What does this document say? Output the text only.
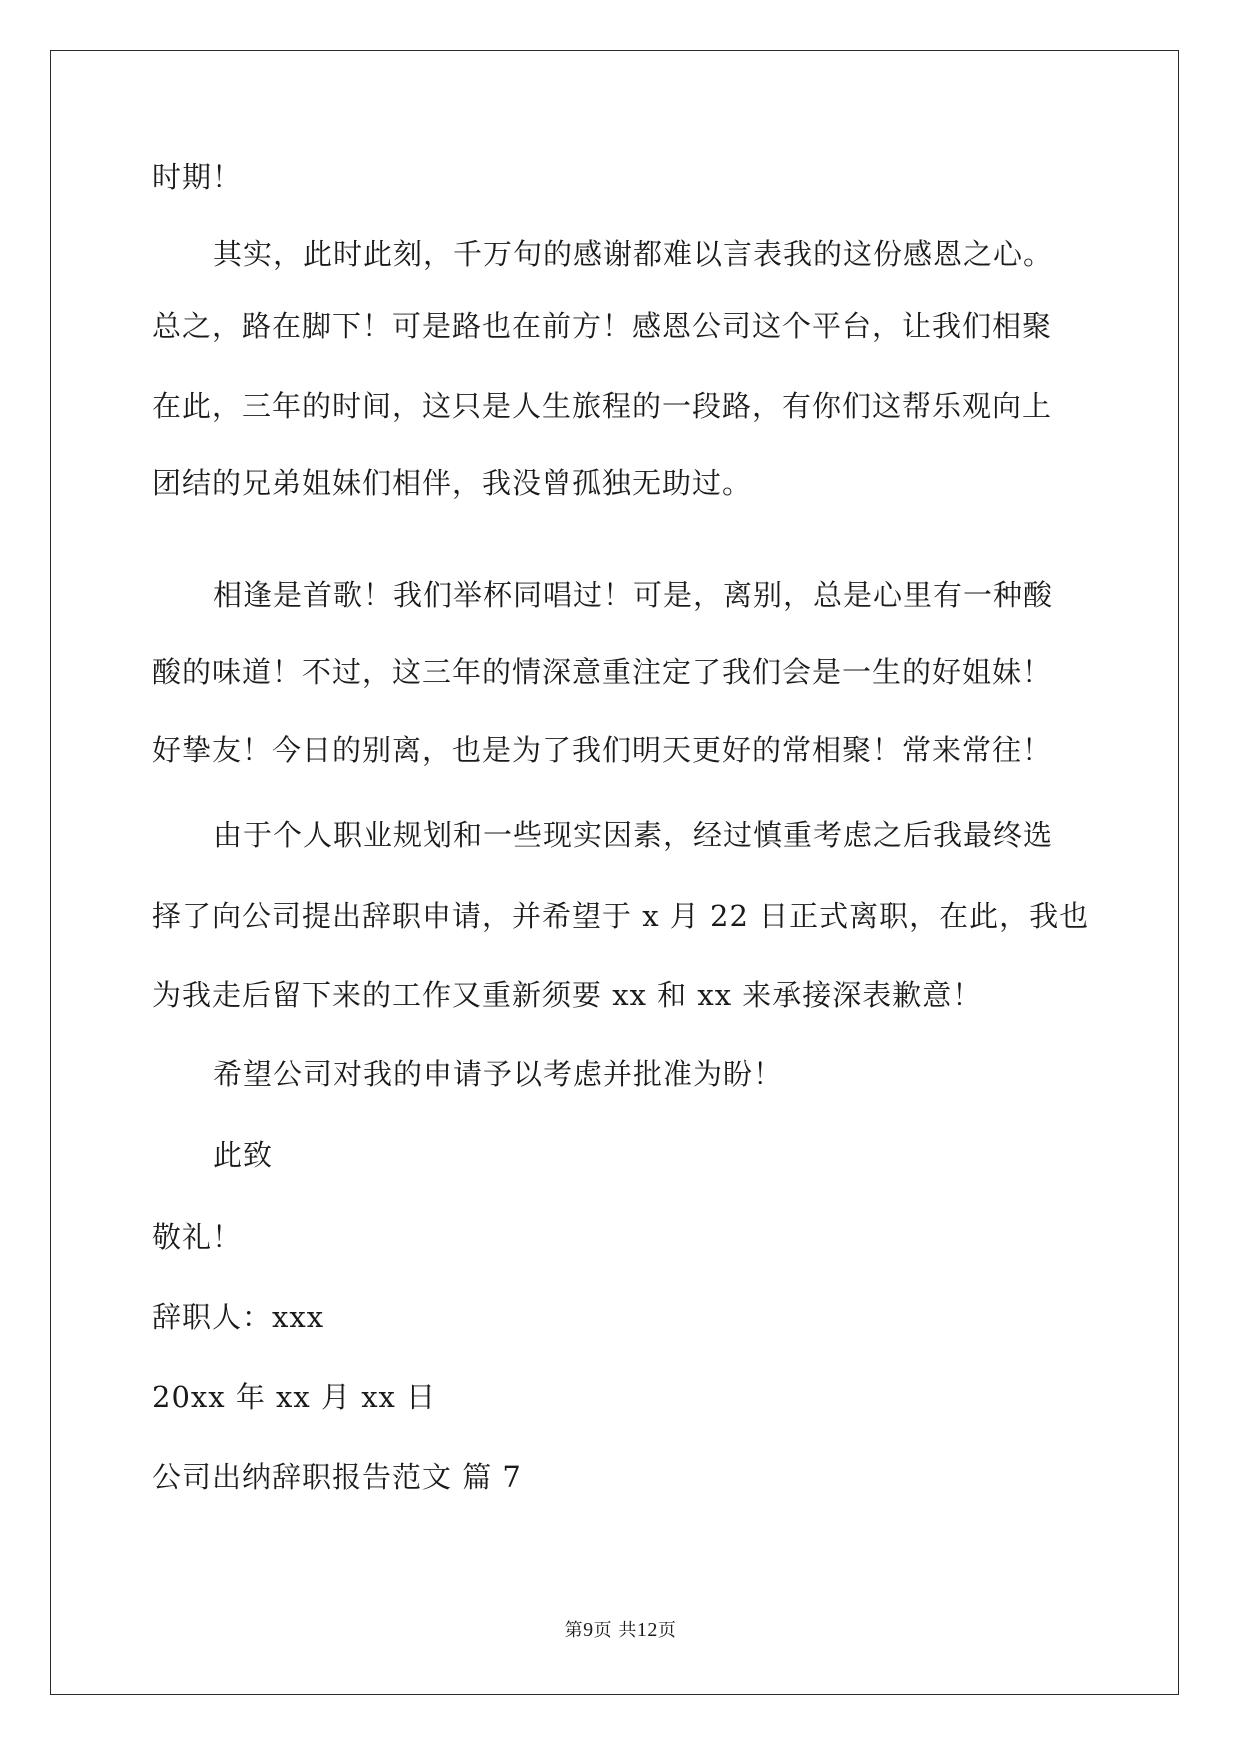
时期！
其实，此时此刻，千万句的感谢都难以言表我的这份感恩之心。
总之，路在脚下！可是路也在前方！感恩公司这个平台，让我们相聚
在此，三年的时间，这只是人生旅程的一段路，有你们这帮乐观向上
团结的兄弟姐妹们相伴，我没曾孤独无助过。
相逢是首歌！我们举杯同唱过！可是，离别，总是心里有一种酸
酸的味道！不过，这三年的情深意重注定了我们会是一生的好姐妹！
好挚友！今日的别离，也是为了我们明天更好的常相聚！常来常往！
由于个人职业规划和一些现实因素，经过慎重考虑之后我最终选
择了向公司提出辞职申请，并希望于 x 月 22 日正式离职，在此，我也
为我走后留下来的工作又重新须要 xx 和 xx 来承接深表歉意！
希望公司对我的申请予以考虑并批准为盼！
此致
敬礼！
辞职人：xxx
20xx 年 xx 月 xx 日
公司出纳辞职报告范文 篇 7
第9页 共12页
